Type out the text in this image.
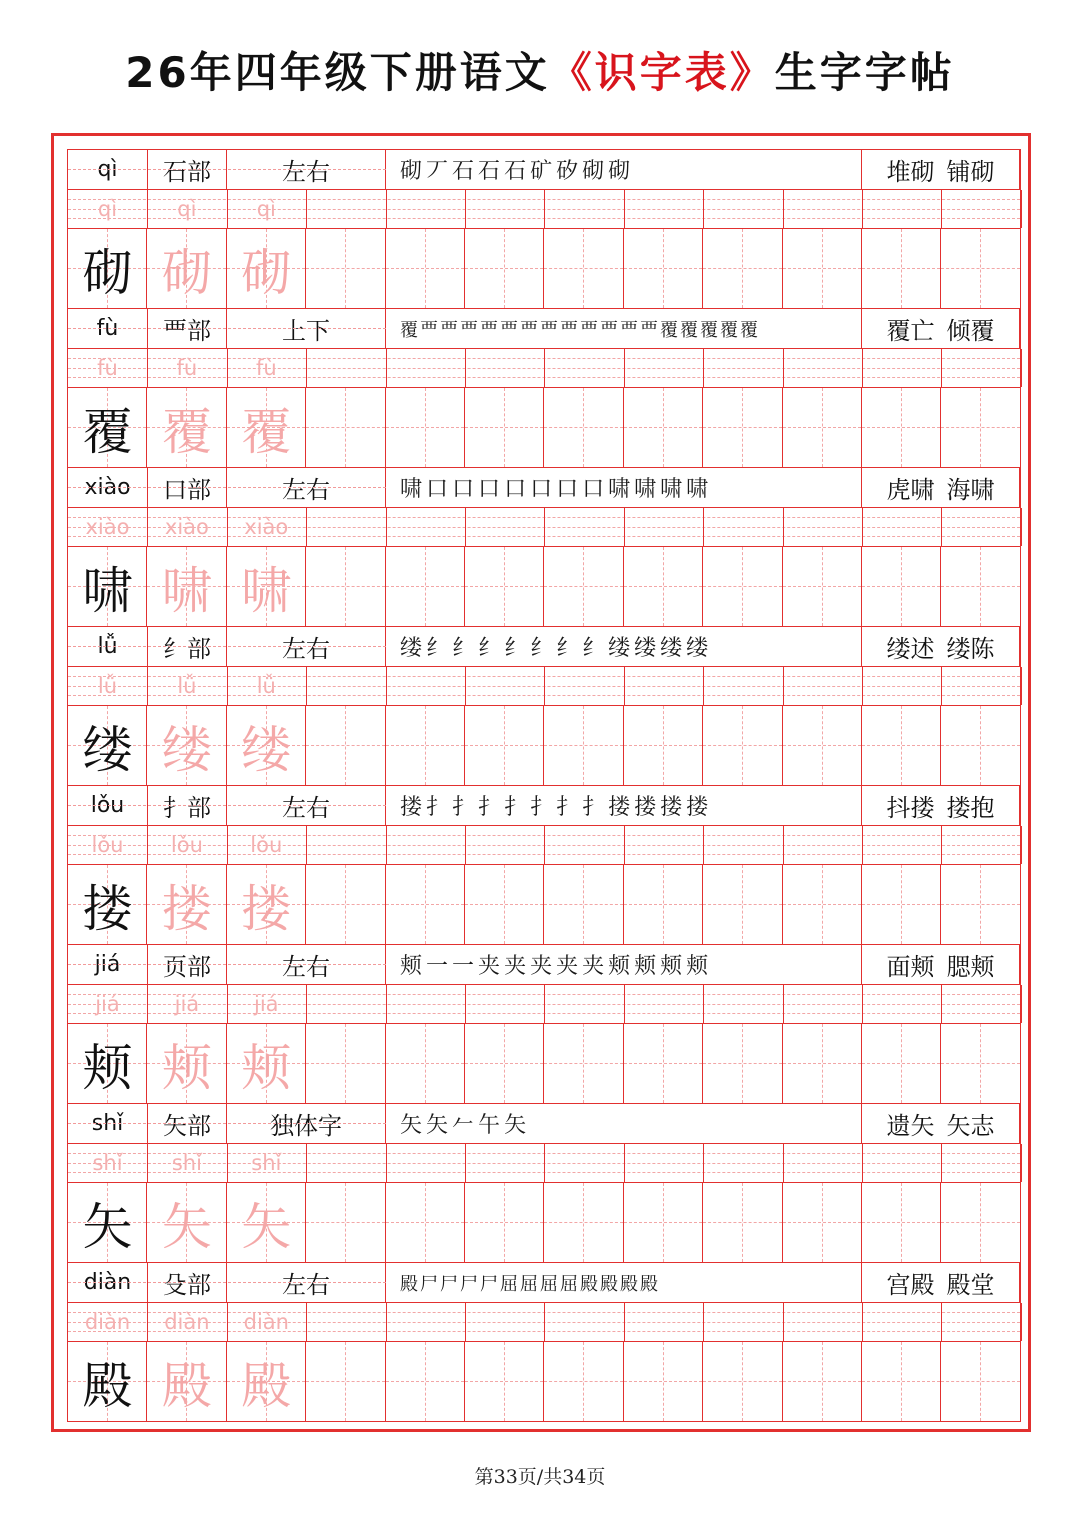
26年四年级下册语文《识字表》生字字帖
qì	石部	左右	砌 丆 石 石 石 矿 矽 砌 砌	堆砌 铺砌
qì	qì	qì
砌 砌 砌
fù	覀部	上下	覆 覀 覀 覀 覀 覀 覀 覀 覀 覀 覀 覀 覀 覆 覆 覆 覆 覆	覆亡 倾覆
fù	fù	fù
覆 覆 覆
xiào	口部	左右	啸 口 口 口 口 口 口 口 啸 啸 啸 啸	虎啸 海啸
xiào	xiào	xiào
啸 啸 啸
lǚ	纟部	左右	缕 纟 纟 纟 纟 纟 纟 纟 缕 缕 缕 缕	缕述 缕陈
lǚ	lǚ	lǚ
缕 缕 缕
lǒu	扌部	左右	搂 扌 扌 扌 扌 扌 扌 扌 搂 搂 搂 搂	抖搂 搂抱
lǒu	lǒu	lǒu
搂 搂 搂
jiá	页部	左右	颊 一 一 夹 夹 夹 夹 夹 颊 颊 颊 颊	面颊 腮颊
jiá	jiá	jiá
颊 颊 颊
shǐ	矢部	独体字	矢 矢 𠂉 午 矢	遗矢 矢志
shǐ	shǐ	shǐ
矢 矢 矢
diàn	殳部	左右	殿 尸 尸 尸 尸 屈 屈 屈 屈 殿 殿 殿 殿	宫殿 殿堂
diàn	diàn	diàn
殿 殿 殿
第33页/共34页
